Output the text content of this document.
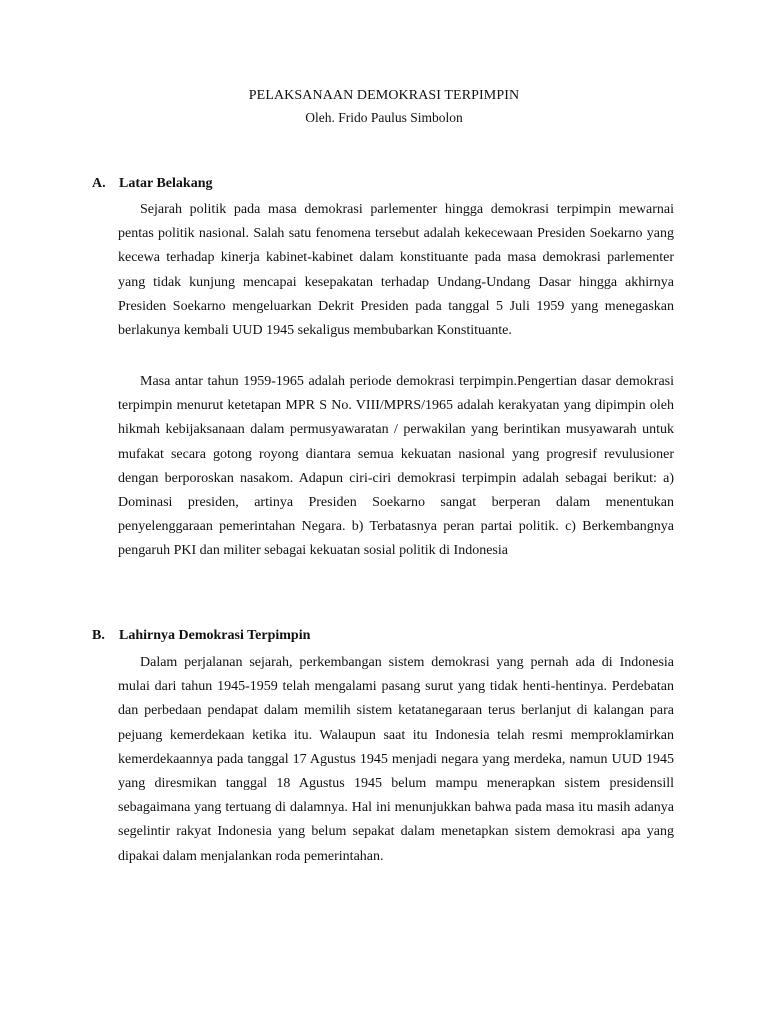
PELAKSANAAN DEMOKRASI TERPIMPIN

Oleh. Frido Paulus Simbolon

A. Latar Belakang

Sejarah politik pada masa demokrasi parlementer hingga demokrasi terpimpin mewarnai pentas politik nasional. Salah satu fenomena tersebut adalah kekecewaan Presiden Soekarno yang kecewa terhadap kinerja kabinet-kabinet dalam konstituante pada masa demokrasi parlementer yang tidak kunjung mencapai kesepakatan terhadap Undang-Undang Dasar hingga akhirnya Presiden Soekarno mengeluarkan Dekrit Presiden pada tanggal 5 Juli 1959 yang menegaskan berlakunya kembali UUD 1945 sekaligus membubarkan Konstituante.

Masa antar tahun 1959-1965 adalah periode demokrasi terpimpin.Pengertian dasar demokrasi terpimpin menurut ketetapan MPR S No. VIII/MPRS/1965 adalah kerakyatan yang dipimpin oleh hikmah kebijaksanaan dalam permusyawaratan / perwakilan yang berintikan musyawarah untuk mufakat secara gotong royong diantara semua kekuatan nasional yang progresif revulusioner dengan berporoskan nasakom. Adapun ciri-ciri demokrasi terpimpin adalah sebagai berikut: a) Dominasi presiden, artinya Presiden Soekarno sangat berperan dalam menentukan penyelenggaraan pemerintahan Negara. b) Terbatasnya peran partai politik. c) Berkembangnya pengaruh PKI dan militer sebagai kekuatan sosial politik di Indonesia

B. Lahirnya Demokrasi Terpimpin

Dalam perjalanan sejarah, perkembangan sistem demokrasi yang pernah ada di Indonesia mulai dari tahun 1945-1959 telah mengalami pasang surut yang tidak henti-hentinya. Perdebatan dan perbedaan pendapat dalam memilih sistem ketatanegaraan terus berlanjut di kalangan para pejuang kemerdekaan ketika itu. Walaupun saat itu Indonesia telah resmi memproklamirkan kemerdekaannya pada tanggal 17 Agustus 1945 menjadi negara yang merdeka, namun UUD 1945 yang diresmikan tanggal 18 Agustus 1945 belum mampu menerapkan sistem presidensill sebagaimana yang tertuang di dalamnya. Hal ini menunjukkan bahwa pada masa itu masih adanya segelintir rakyat Indonesia yang belum sepakat dalam menetapkan sistem demokrasi apa yang dipakai dalam menjalankan roda pemerintahan.
